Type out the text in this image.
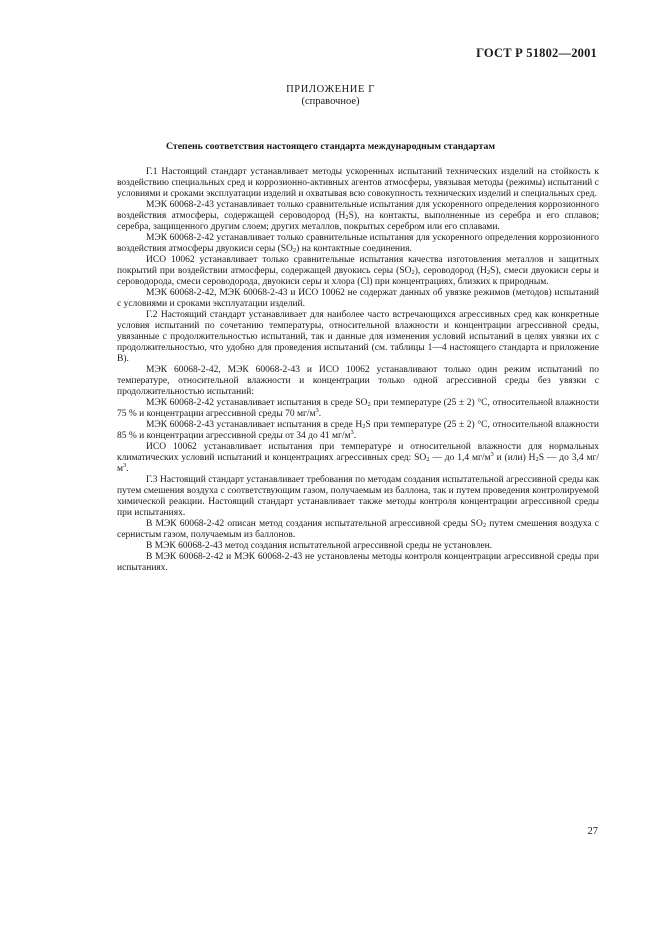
ГОСТ Р 51802—2001
ПРИЛОЖЕНИЕ Г
(справочное)
Степень соответствия настоящего стандарта международным стандартам

Г.1 Настоящий стандарт устанавливает методы ускоренных испытаний технических изделий на стойкость к воздействию специальных сред и коррозионно-активных агентов атмосферы, увязывая методы (режимы) испытаний с условиями и сроками эксплуатации изделий и охватывая всю совокупность технических изделий и специальных сред.

МЭК 60068-2-43 устанавливает только сравнительные испытания для ускоренного определения коррозионного воздействия атмосферы, содержащей сероводород $(H_2S)$, на контакты, выполненные из серебра и его сплавов; серебра, защищенного другим слоем; других металлов, покрытых серебром или его сплавами.

МЭК 60068-2-42 устанавливает только сравнительные испытания для ускоренного определения коррозионного воздействия атмосферы двуокиси серы $(SO_2)$ на контактные соединения.

ИСО 10062 устанавливает только сравнительные испытания качества изготовления металлов и защитных покрытий при воздействии атмосферы, содержащей двуокись серы $(SO_2)$, сероводород $(H_2S)$, смеси двуокиси серы и сероводорода, смеси сероводорода, двуокиси серы и хлора (Cl) при концентрациях, близких к природным.

МЭК 60068-2-42, МЭК 60068-2-43 и ИСО 10062 не содержат данных об увязке режимов (методов) испытаний с условиями и сроками эксплуатации изделий.

Г.2 Настоящий стандарт устанавливает для наиболее часто встречающихся агрессивных сред как конкретные условия испытаний по сочетанию температуры, относительной влажности и концентрации агрессивной среды, увязанные с продолжительностью испытаний, так и данные для изменения условий испытаний в целях увязки их с продолжительностью, что удобно для проведения испытаний (см. таблицы 1—4 настоящего стандарта и приложение В).

МЭК 60068-2-42, МЭК 60068-2-43 и ИСО 10062 устанавливают только один режим испытаний по температуре, относительной влажности и концентрации только одной агрессивной среды без увязки с продолжительностью испытаний:

МЭК 60068-2-42 устанавливает испытания в среде $SO_2$ при температуре (25 ± 2) °С, относительной влажности 75 % и концентрации агрессивной среды 70 $мг/м^3$.

МЭК 60068-2-43 устанавливает испытания в среде $H_2S$ при температуре (25 ± 2) °С, относительной влажности 85 % и концентрации агрессивной среды от 34 до 41 $мг/м^3$.

ИСО 10062 устанавливает испытания при температуре и относительной влажности для нормальных климатических условий испытаний и концентрациях агрессивных сред: $SO_2$ — до 1,4 $мг/м^3$ и (или) $H_2S$ — до 3,4 $мг/м^3$.

Г.3 Настоящий стандарт устанавливает требования по методам создания испытательной агрессивной среды как путем смешения воздуха с соответствующим газом, получаемым из баллона, так и путем проведения контролируемой химической реакции. Настоящий стандарт устанавливает также методы контроля концентрации агрессивной среды при испытаниях.

В МЭК 60068-2-42 описан метод создания испытательной агрессивной среды $SO_2$ путем смешения воздуха с сернистым газом, получаемым из баллонов.

В МЭК 60068-2-43 метод создания испытательной агрессивной среды не установлен.

В МЭК 60068-2-42 и МЭК 60068-2-43 не установлены методы контроля концентрации агрессивной среды при испытаниях.

27
